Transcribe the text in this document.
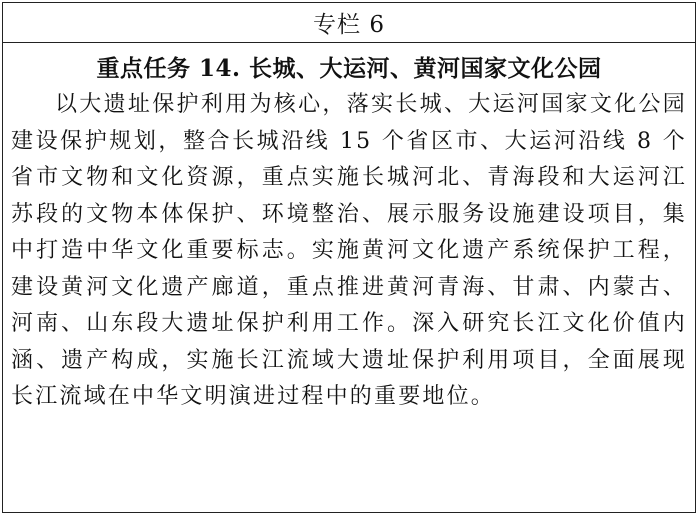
专栏 6
重点任务 14. 长城、大运河、黄河国家文化公园
以大遗址保护利用为核心，落实长城、大运河国家文化公园建设保护规划，整合长城沿线 15 个省区市、大运河沿线 8 个省市文物和文化资源，重点实施长城河北、青海段和大运河江苏段的文物本体保护、环境整治、展示服务设施建设项目，集中打造中华文化重要标志。实施黄河文化遗产系统保护工程，建设黄河文化遗产廊道，重点推进黄河青海、甘肃、内蒙古、河南、山东段大遗址保护利用工作。深入研究长江文化价值内涵、遗产构成，实施长江流域大遗址保护利用项目，全面展现长江流域在中华文明演进过程中的重要地位。
